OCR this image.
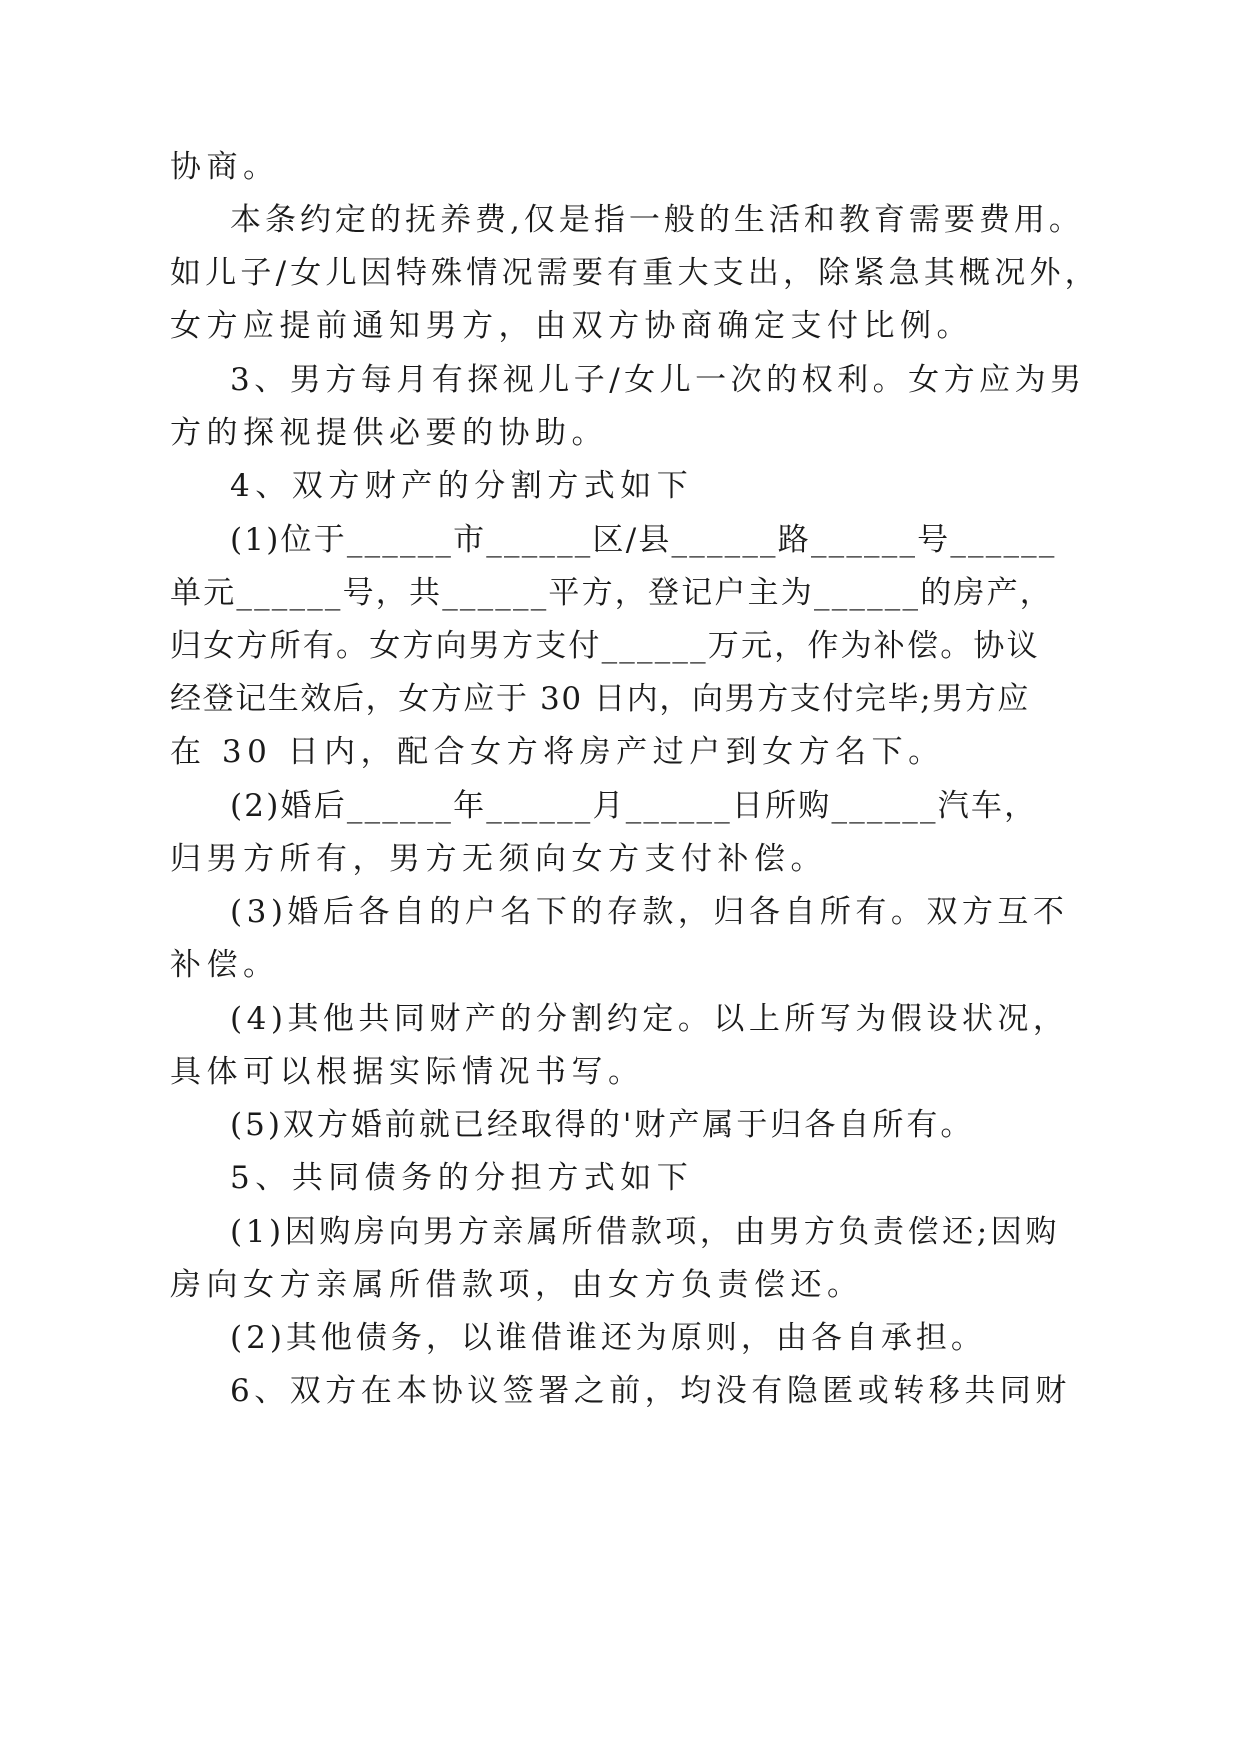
协商。

本条约定的抚养费,仅是指一般的生活和教育需要费用。

如儿子/女儿因特殊情况需要有重大支出，除紧急其概况外，

女方应提前通知男方，由双方协商确定支付比例。

3、男方每月有探视儿子/女儿一次的权利。女方应为男

方的探视提供必要的协助。

4、双方财产的分割方式如下

(1)位于______市______区/县______路______号______

单元______号，共______平方，登记户主为______的房产，

归女方所有。女方向男方支付______万元，作为补偿。协议

经登记生效后，女方应于 30 日内，向男方支付完毕;男方应

在 30 日内，配合女方将房产过户到女方名下。

(2)婚后______年______月______日所购______汽车，

归男方所有，男方无须向女方支付补偿。

(3)婚后各自的户名下的存款，归各自所有。双方互不

补偿。

(4)其他共同财产的分割约定。以上所写为假设状况，

具体可以根据实际情况书写。

(5)双方婚前就已经取得的'财产属于归各自所有。

5、共同债务的分担方式如下

(1)因购房向男方亲属所借款项，由男方负责偿还;因购

房向女方亲属所借款项，由女方负责偿还。

(2)其他债务，以谁借谁还为原则，由各自承担。

6、双方在本协议签署之前，均没有隐匿或转移共同财
